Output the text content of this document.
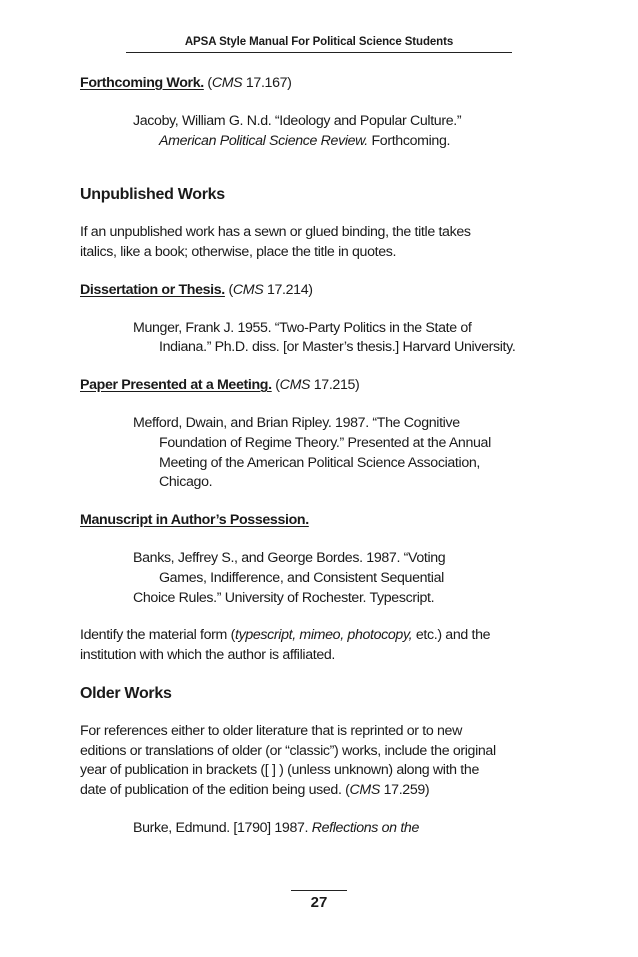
APSA Style Manual For Political Science Students
Forthcoming Work. (CMS 17.167)
Jacoby, William G. N.d. “Ideology and Popular Culture.”
American Political Science Review. Forthcoming.
Unpublished Works
If an unpublished work has a sewn or glued binding, the title takes
italics, like a book; otherwise, place the title in quotes.
Dissertation or Thesis. (CMS 17.214)
Munger, Frank J. 1955. “Two-Party Politics in the State of
Indiana.” Ph.D. diss. [or Master’s thesis.] Harvard University.
Paper Presented at a Meeting. (CMS 17.215)
Mefford, Dwain, and Brian Ripley. 1987. “The Cognitive
Foundation of Regime Theory.” Presented at the Annual
Meeting of the American Political Science Association,
Chicago.
Manuscript in Author’s Possession.
Banks, Jeffrey S., and George Bordes. 1987. “Voting
Games, Indifference, and Consistent Sequential
Choice Rules.” University of Rochester. Typescript.
Identify the material form (typescript, mimeo, photocopy, etc.) and the
institution with which the author is affiliated.
Older Works
For references either to older literature that is reprinted or to new
editions or translations of older (or “classic”) works, include the original
year of publication in brackets ([ ] ) (unless unknown) along with the
date of publication of the edition being used. (CMS 17.259)
Burke, Edmund. [1790] 1987. Reflections on the
27
